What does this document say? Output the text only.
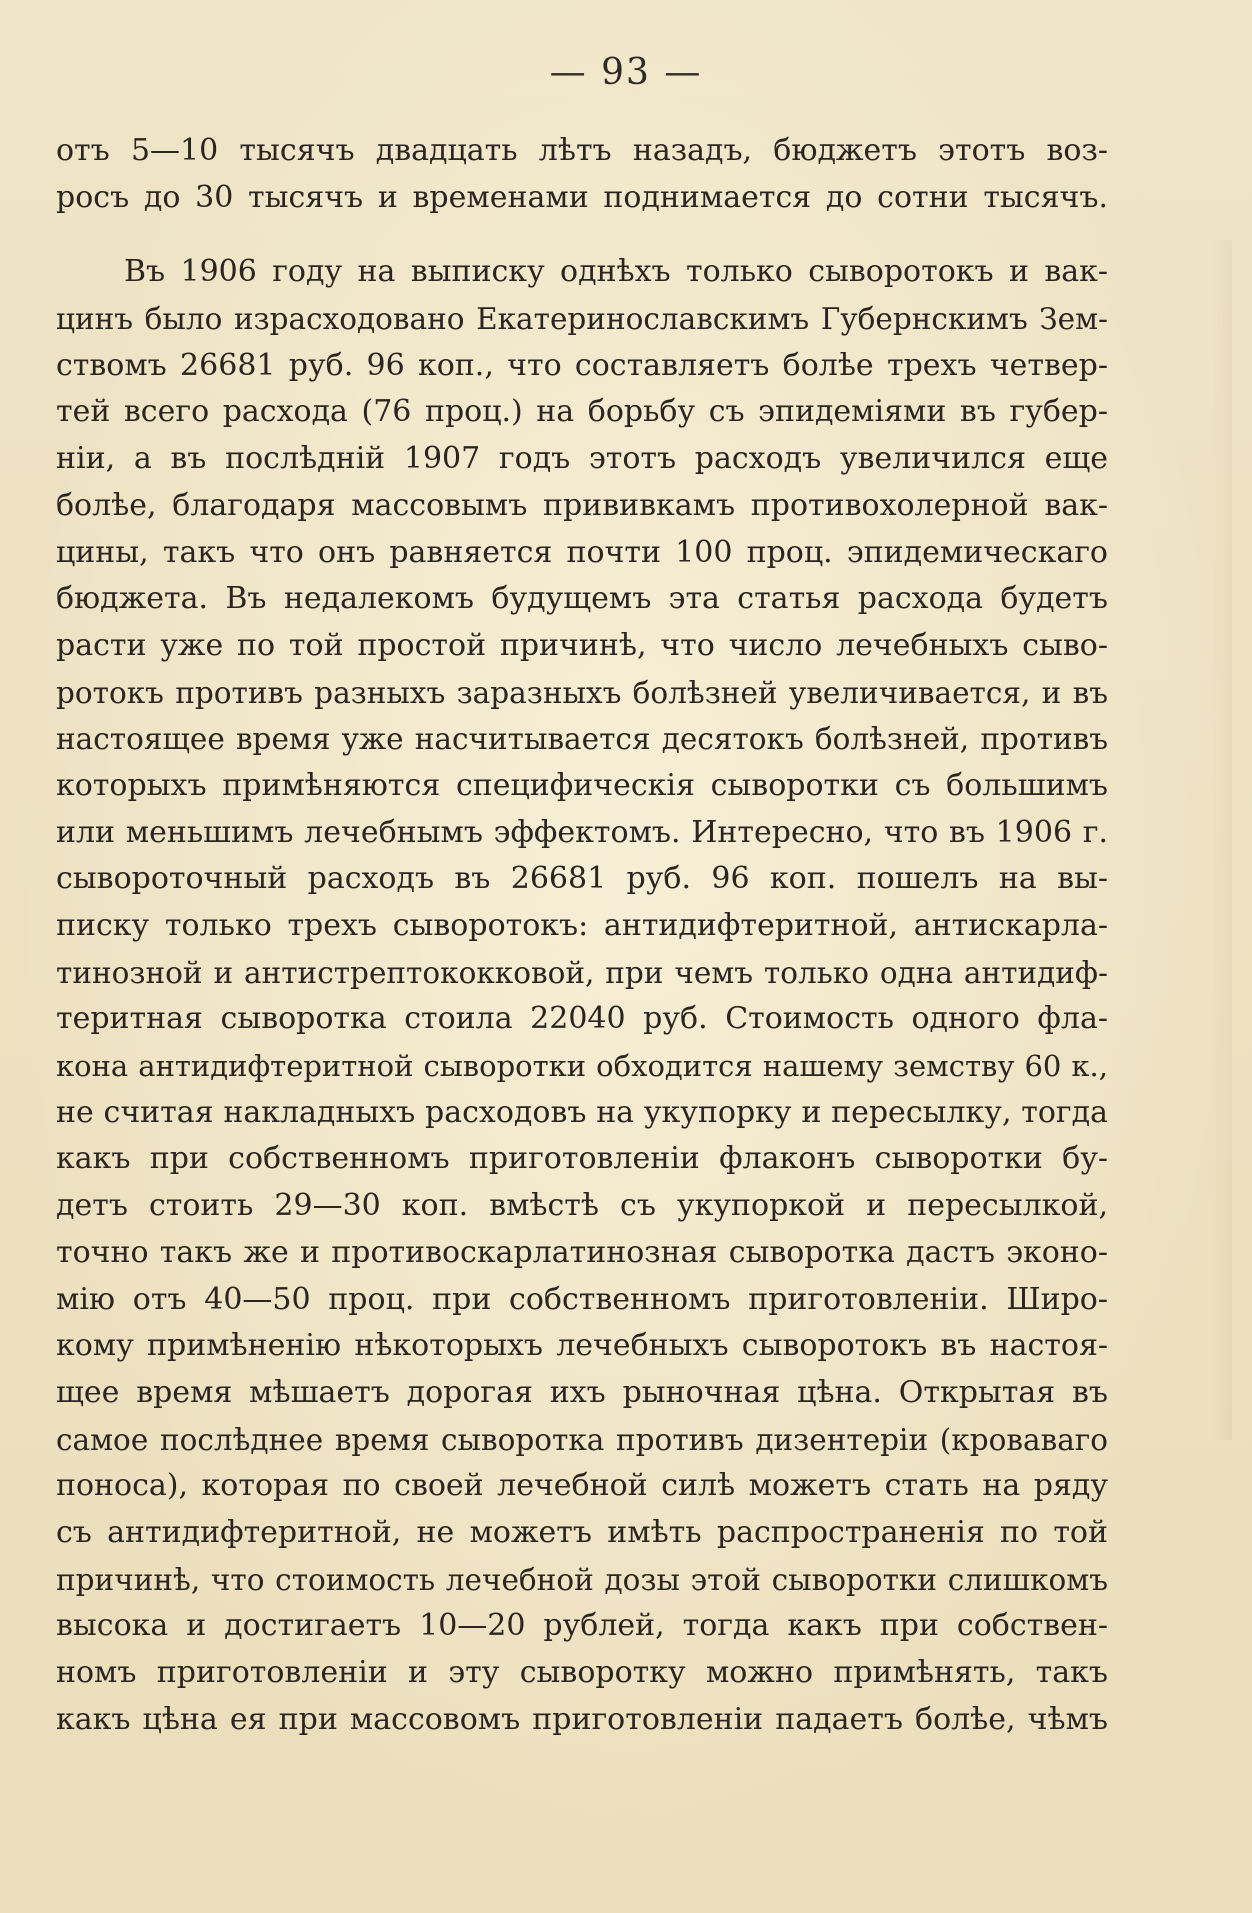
— 93 —
отъ 5—10 тысячъ двадцать лѣтъ назадъ, бюджетъ этотъ воз-
росъ до 30 тысячъ и временами поднимается до сотни тысячъ.
Въ 1906 году на выписку однѣхъ только сыворотокъ и вак-
цинъ было израсходовано Екатеринославскимъ Губернскимъ Зем-
ствомъ 26681 руб. 96 коп., что составляетъ болѣе трехъ четвер-
тей всего расхода (76 проц.) на борьбу съ эпидеміями въ губер-
ніи, а въ послѣдній 1907 годъ этотъ расходъ увеличился еще
болѣе, благодаря массовымъ прививкамъ противохолерной вак-
цины, такъ что онъ равняется почти 100 проц. эпидемическаго
бюджета. Въ недалекомъ будущемъ эта статья расхода будетъ
расти уже по той простой причинѣ, что число лечебныхъ сыво-
ротокъ противъ разныхъ заразныхъ болѣзней увеличивается, и въ
настоящее время уже насчитывается десятокъ болѣзней, противъ
которыхъ примѣняются специфическія сыворотки съ большимъ
или меньшимъ лечебнымъ эффектомъ. Интересно, что въ 1906 г.
сывороточный расходъ въ 26681 руб. 96 коп. пошелъ на вы-
писку только трехъ сыворотокъ: антидифтеритной, антискарла-
тинозной и антистрептококковой, при чемъ только одна антидиф-
теритная сыворотка стоила 22040 руб. Стоимость одного фла-
кона антидифтеритной сыворотки обходится нашему земству 60 к.,
не считая накладныхъ расходовъ на укупорку и пересылку, тогда
какъ при собственномъ приготовленіи флаконъ сыворотки бу-
детъ стоить 29—30 коп. вмѣстѣ съ укупоркой и пересылкой,
точно такъ же и противоскарлатинозная сыворотка дастъ эконо-
мію отъ 40—50 проц. при собственномъ приготовленіи. Широ-
кому примѣненію нѣкоторыхъ лечебныхъ сыворотокъ въ настоя-
щее время мѣшаетъ дорогая ихъ рыночная цѣна. Открытая въ
самое послѣднее время сыворотка противъ дизентеріи (кроваваго
поноса), которая по своей лечебной силѣ можетъ стать на ряду
съ антидифтеритной, не можетъ имѣть распространенія по той
причинѣ, что стоимость лечебной дозы этой сыворотки слишкомъ
высока и достигаетъ 10—20 рублей, тогда какъ при собствен-
номъ приготовленіи и эту сыворотку можно примѣнять, такъ
какъ цѣна ея при массовомъ приготовленіи падаетъ болѣе, чѣмъ
